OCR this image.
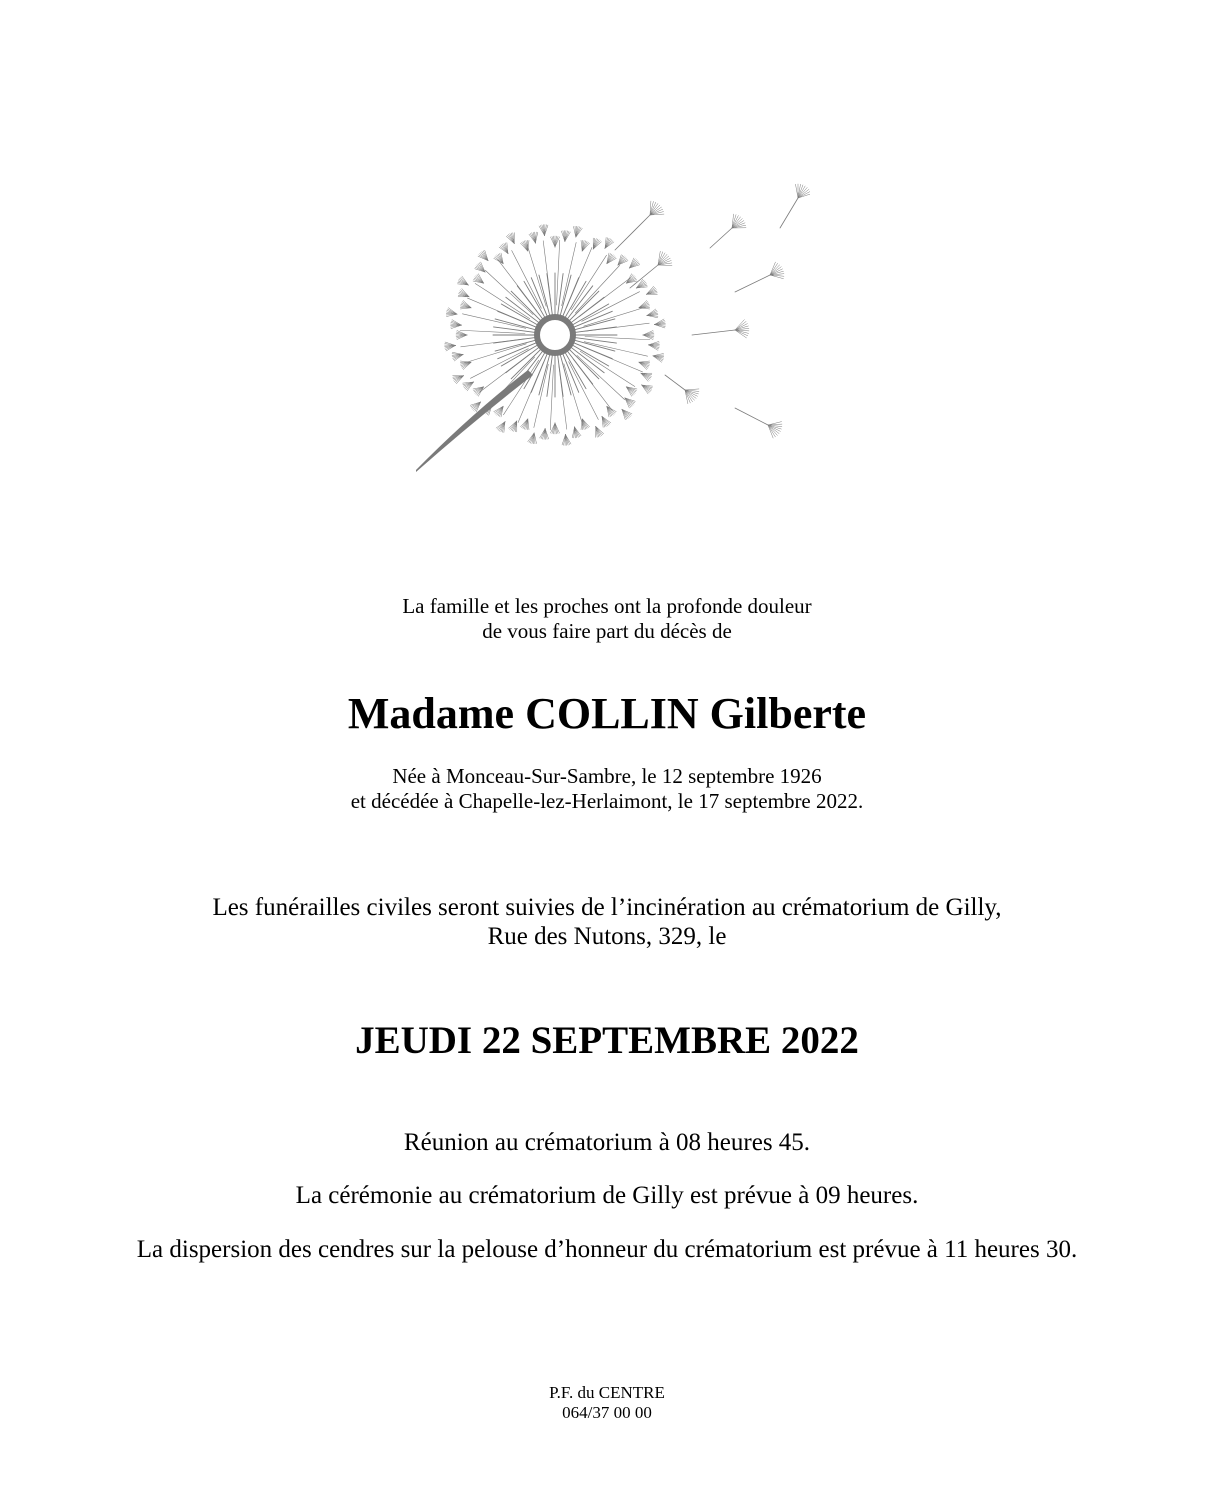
La famille et les proches ont la profonde douleur
de vous faire part du décès de
Madame COLLIN Gilberte
Née à Monceau-Sur-Sambre, le 12 septembre 1926
et décédée à Chapelle-lez-Herlaimont, le 17 septembre 2022.
Les funérailles civiles seront suivies de l’incinération au crématorium de Gilly,
Rue des Nutons, 329, le
JEUDI 22 SEPTEMBRE 2022
Réunion au crématorium à 08 heures 45.
La cérémonie au crématorium de Gilly est prévue à 09 heures.
La dispersion des cendres sur la pelouse d’honneur du crématorium est prévue à 11 heures 30.
P.F. du CENTRE
064/37 00 00
